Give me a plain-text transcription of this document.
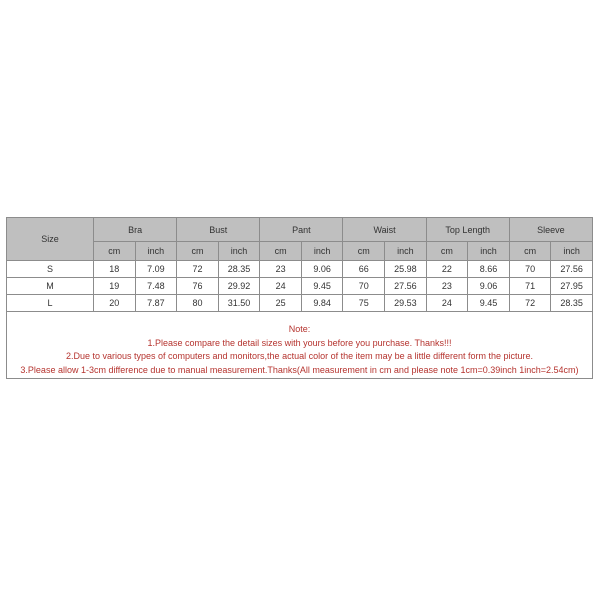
Size	Bra		Bust		Pant		Waist		Top Length		Sleeve	
	cm	inch	cm	inch	cm	inch	cm	inch	cm	inch	cm	inch
S	18	7.09	72	28.35	23	9.06	66	25.98	22	8.66	70	27.56
M	19	7.48	76	29.92	24	9.45	70	27.56	23	9.06	71	27.95
L	20	7.87	80	31.50	25	9.84	75	29.53	24	9.45	72	28.35
Note:
1.Please compare the detail sizes with yours before you purchase. Thanks!!!
2.Due to various types of computers and monitors,the actual color of the item may be a little different form the picture.
3.Please allow 1-3cm difference due to manual measurement.Thanks(All measurement in cm and please note 1cm=0.39inch 1inch=2.54cm)
